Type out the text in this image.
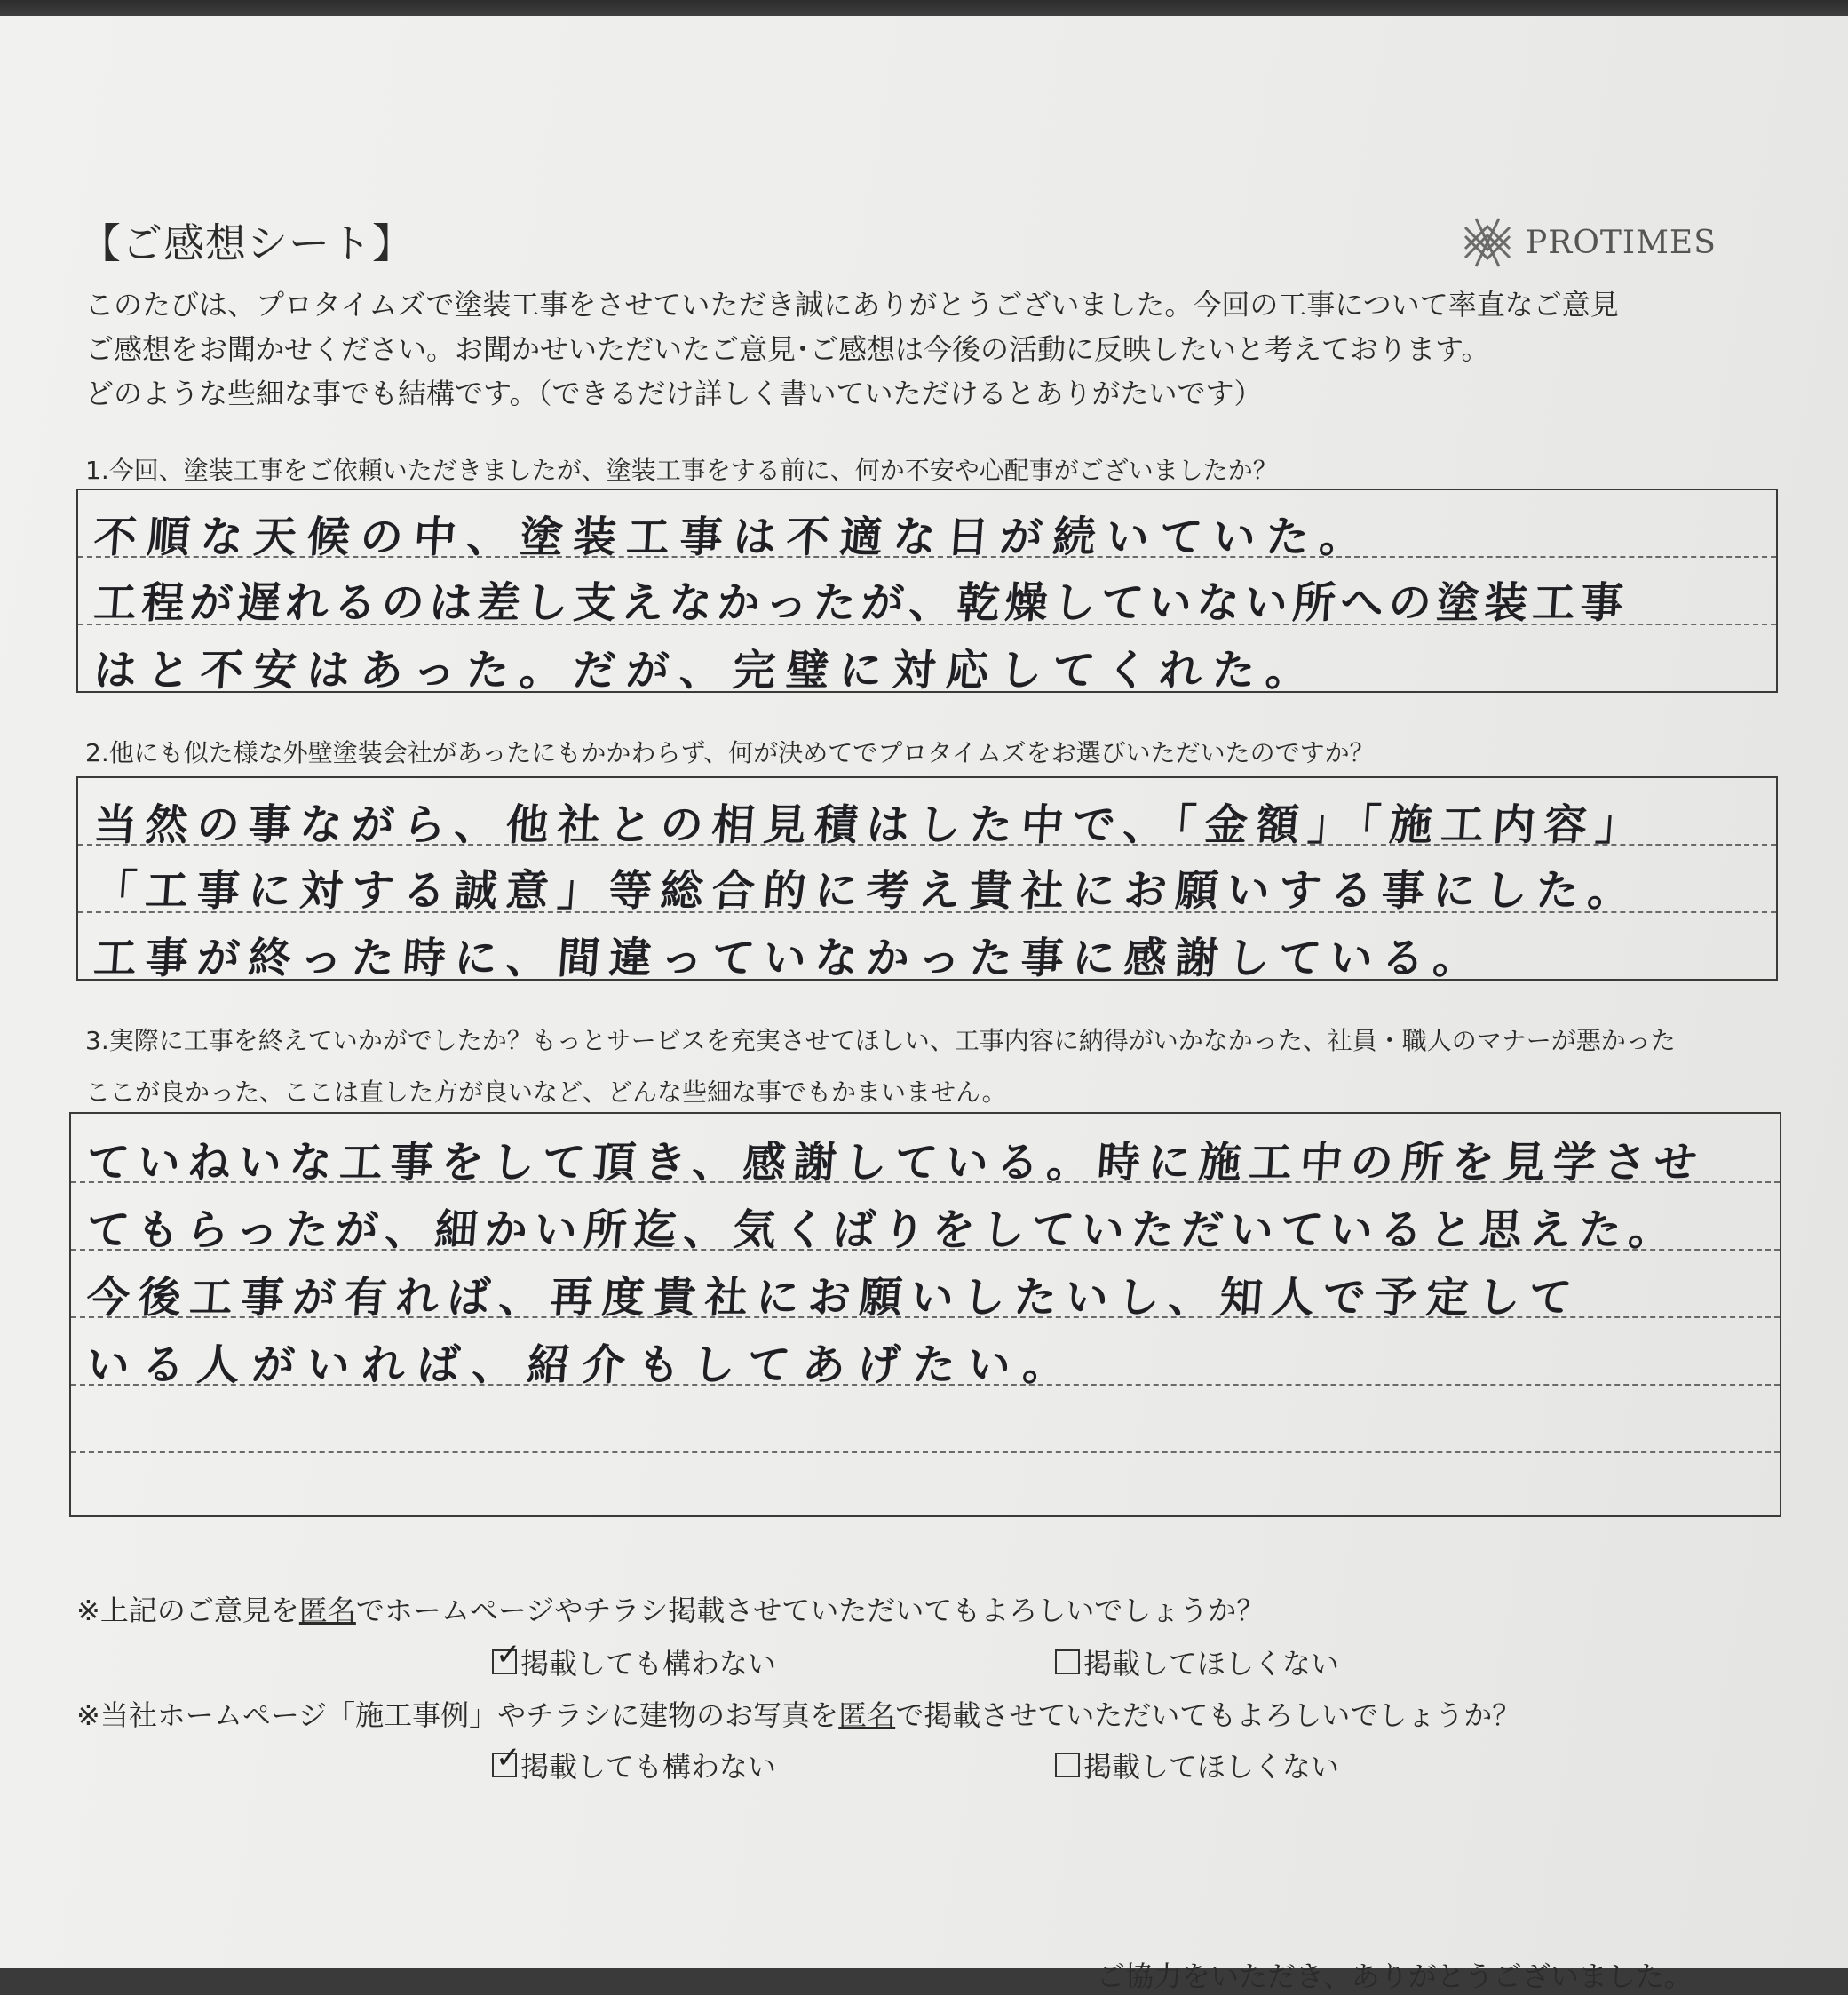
【ご感想シート】	PROTIMES
このたびは、プロタイムズで塗装工事をさせていただき誠にありがとうございました。今回の工事について率直なご意見
ご感想をお聞かせください。お聞かせいただいたご意見･ご感想は今後の活動に反映したいと考えております。
どのような些細な事でも結構です。（できるだけ詳しく書いていただけるとありがたいです）
1.今回、塗装工事をご依頼いただきましたが、塗装工事をする前に、何か不安や心配事がございましたか？
不順な天候の中、塗装工事は不適な日が続いていた。
工程が遅れるのは差し支えなかったが、乾燥していない所への塗装工事
はと不安はあった。だが、完璧に対応してくれた。
2.他にも似た様な外壁塗装会社があったにもかかわらず、何が決めてでプロタイムズをお選びいただいたのですか？
当然の事ながら、他社との相見積はした中で、「金額」「施工内容」
「工事に対する誠意」等総合的に考え貴社にお願いする事にした。
工事が終った時に、間違っていなかった事に感謝している。
3.実際に工事を終えていかがでしたか？もっとサービスを充実させてほしい、工事内容に納得がいかなかった、社員・職人のマナーが悪かった
ここが良かった、ここは直した方が良いなど、どんな些細な事でもかまいません。
ていねいな工事をして頂き、感謝している。時に施工中の所を見学させ
てもらったが、細かい所迄、気くばりをしていただいていると思えた。
今後工事が有れば、再度貴社にお願いしたいし、知人で予定して
いる人がいれば、紹介もしてあげたい。
※上記のご意見を匿名でホームページやチラシ掲載させていただいてもよろしいでしょうか？
✓ 掲載しても構わない	掲載してほしくない
※当社ホームページ「施工事例」やチラシに建物のお写真を匿名で掲載させていただいてもよろしいでしょうか？
✓ 掲載しても構わない	掲載してほしくない
ご協力をいただき、ありがとうございました。
